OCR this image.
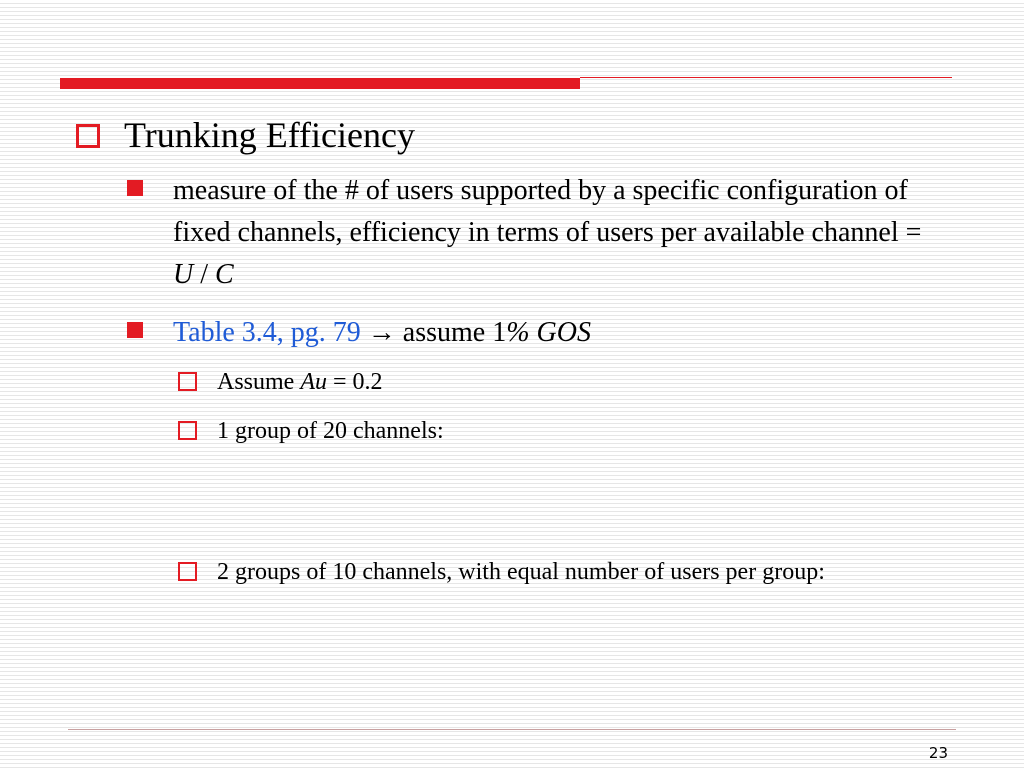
Trunking Efficiency
measure of the # of users supported by a specific configuration of fixed channels, efficiency in terms of users per available channel = U / C
Table 3.4, pg. 79 → assume 1% GOS
Assume Au = 0.2
1 group of 20 channels:
2 groups of 10 channels, with equal number of users per group:
23
